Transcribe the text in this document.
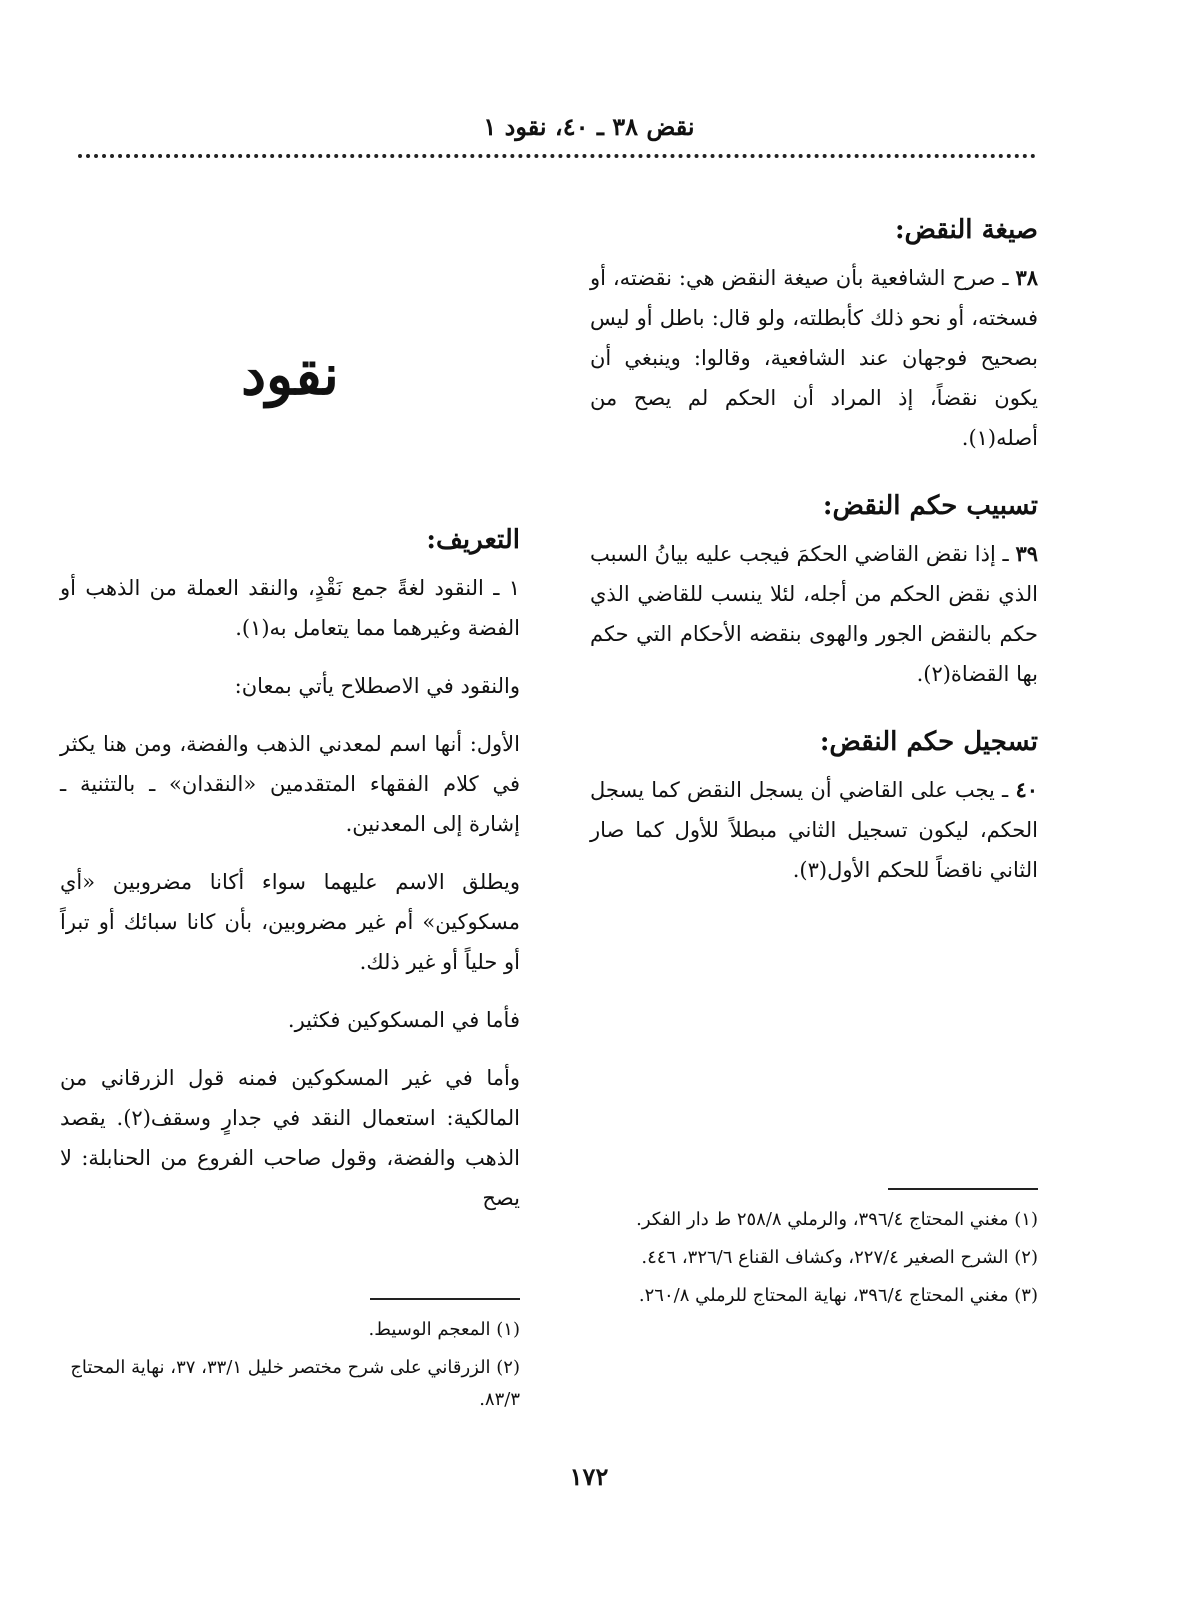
نقض ٣٨ ـ ٤٠، نقود ١
صيغة النقض:

٣٨ ـ صرح الشافعية بأن صيغة النقض هي: نقضته، أو فسخته، أو نحو ذلك كأبطلته، ولو قال: باطل أو ليس بصحيح فوجهان عند الشافعية، وقالوا: وينبغي أن يكون نقضاً، إذ المراد أن الحكم لم يصح من أصله(١).

تسبيب حكم النقض:

٣٩ ـ إذا نقض القاضي الحكمَ فيجب عليه بيانُ السبب الذي نقض الحكم من أجله، لئلا ينسب للقاضي الذي حكم بالنقض الجور والهوى بنقضه الأحكام التي حكم بها القضاة(٢).

تسجيل حكم النقض:

٤٠ ـ يجب على القاضي أن يسجل النقض كما يسجل الحكم، ليكون تسجيل الثاني مبطلاً للأول كما صار الثاني ناقضاً للحكم الأول(٣).

(١) مغني المحتاج ٣٩٦/٤، والرملي ٢٥٨/٨ ط دار الفكر.

(٢) الشرح الصغير ٢٢٧/٤، وكشاف القناع ٣٢٦/٦، ٤٤٦.

(٣) مغني المحتاج ٣٩٦/٤، نهاية المحتاج للرملي ٢٦٠/٨.

نقود
التعريف:

١ ـ النقود لغةً جمع نَقْدٍ، والنقد العملة من الذهب أو الفضة وغيرهما مما يتعامل به(١).

والنقود في الاصطلاح يأتي بمعان:

الأول: أنها اسم لمعدني الذهب والفضة، ومن هنا يكثر في كلام الفقهاء المتقدمين «النقدان» ـ بالتثنية ـ إشارة إلى المعدنين.

ويطلق الاسم عليهما سواء أكانا مضروبين «أي مسكوكين» أم غير مضروبين، بأن كانا سبائك أو تبراً أو حلياً أو غير ذلك.

فأما في المسكوكين فكثير.

وأما في غير المسكوكين فمنه قول الزرقاني من المالكية: استعمال النقد في جدارٍ وسقف(٢). يقصد الذهب والفضة، وقول صاحب الفروع من الحنابلة: لا يصح

(١) المعجم الوسيط.

(٢) الزرقاني على شرح مختصر خليل ٣٣/١، ٣٧، نهاية المحتاج ٨٣/٣.

١٧٢
